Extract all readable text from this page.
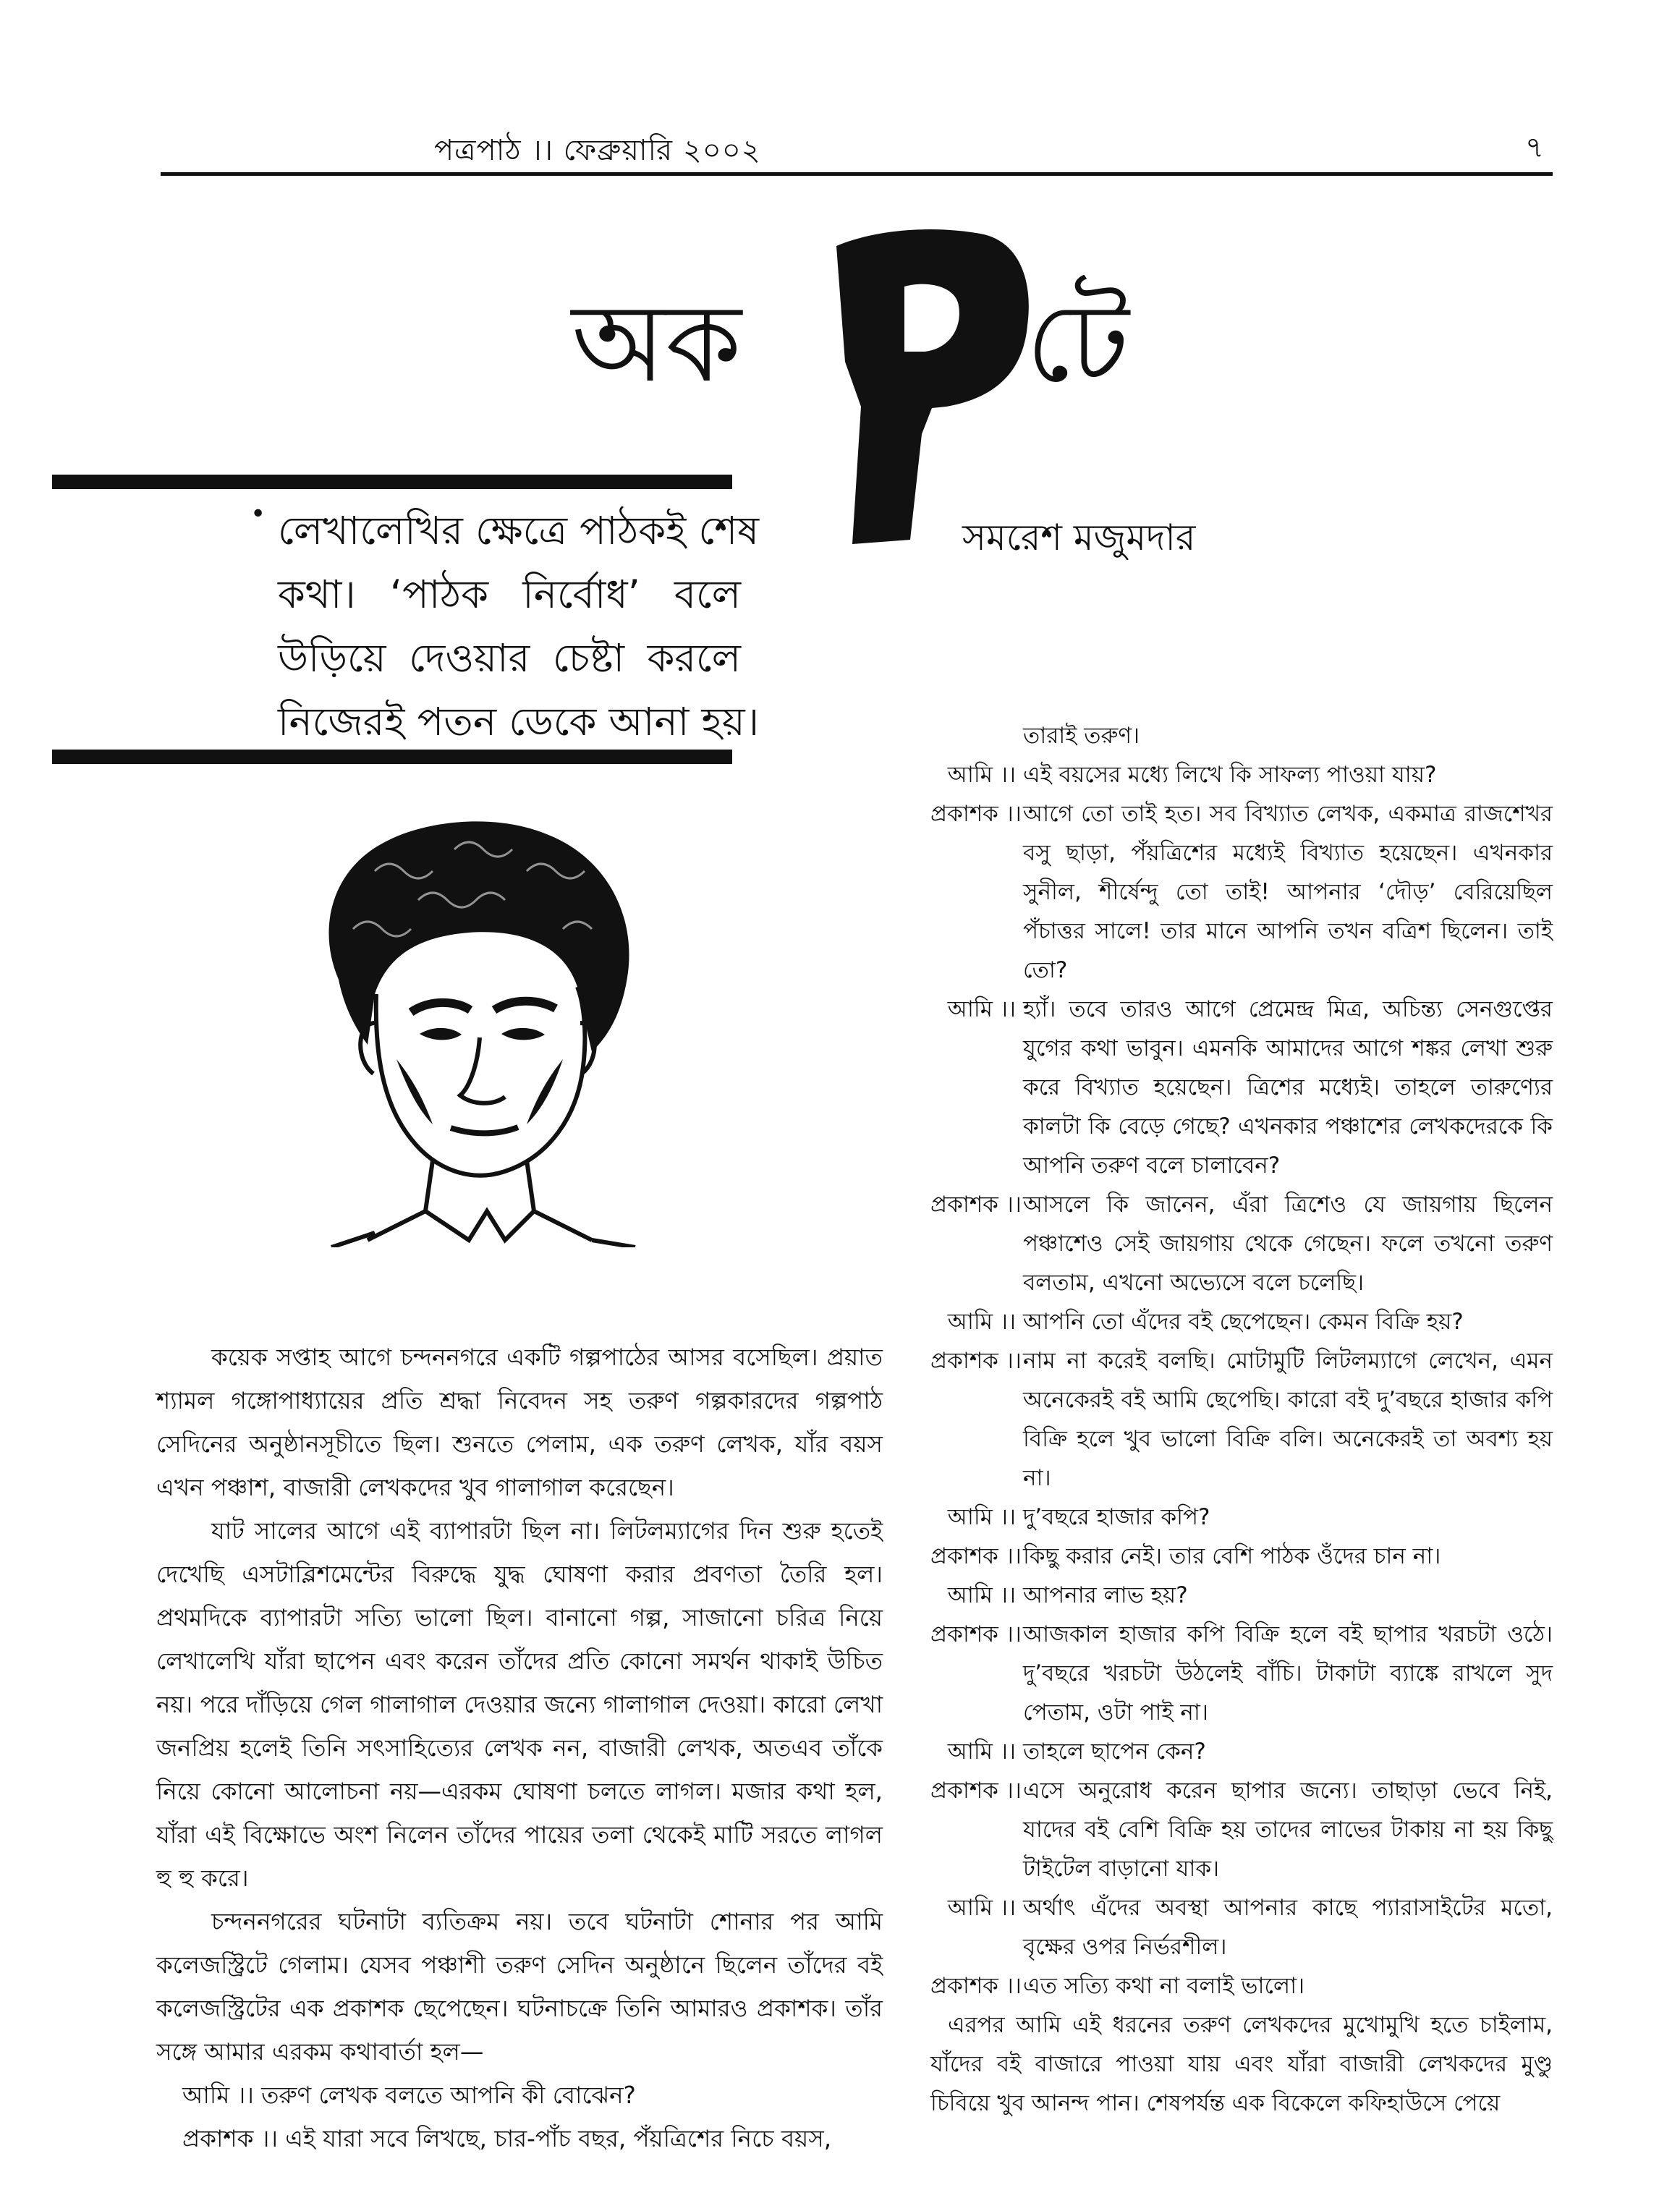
পত্রপাঠ ।। ফেব্রুয়ারি ২০০২	৭
অক
প
টে
সমরেশ মজুমদার
• লেখালেখির ক্ষেত্রে পাঠকই শেষ
কথা। ‘পাঠক নির্বোধ’ বলে
উড়িয়ে দেওয়ার চেষ্টা করলে
নিজেরই পতন ডেকে আনা হয়।

কয়েক সপ্তাহ আগে চন্দননগরে একটি গল্পপাঠের আসর বসেছিল। প্রয়াত শ্যামল গঙ্গোপাধ্যায়ের প্রতি শ্রদ্ধা নিবেদন সহ তরুণ গল্পকারদের গল্পপাঠ সেদিনের অনুষ্ঠানসূচীতে ছিল। শুনতে পেলাম, এক তরুণ লেখক, যাঁর বয়স এখন পঞ্চাশ, বাজারী লেখকদের খুব গালাগাল করেছেন।

যাট সালের আগে এই ব্যাপারটা ছিল না। লিটলম্যাগের দিন শুরু হতেই দেখেছি এসটাব্লিশমেন্টের বিরুদ্ধে যুদ্ধ ঘোষণা করার প্রবণতা তৈরি হল। প্রথমদিকে ব্যাপারটা সত্যি ভালো ছিল। বানানো গল্প, সাজানো চরিত্র নিয়ে লেখালেখি যাঁরা ছাপেন এবং করেন তাঁদের প্রতি কোনো সমর্থন থাকাই উচিত নয়। পরে দাঁড়িয়ে গেল গালাগাল দেওয়ার জন্যে গালাগাল দেওয়া। কারো লেখা জনপ্রিয় হলেই তিনি সৎসাহিত্যের লেখক নন, বাজারী লেখক, অতএব তাঁকে নিয়ে কোনো আলোচনা নয়—এরকম ঘোষণা চলতে লাগল। মজার কথা হল, যাঁরা এই বিক্ষোভে অংশ নিলেন তাঁদের পায়ের তলা থেকেই মাটি সরতে লাগল হু হু করে।

চন্দননগরের ঘটনাটা ব্যতিক্রম নয়। তবে ঘটনাটা শোনার পর আমি কলেজস্ট্রিটে গেলাম। যেসব পঞ্চাশী তরুণ সেদিন অনুষ্ঠানে ছিলেন তাঁদের বই কলেজস্ট্রিটের এক প্রকাশক ছেপেছেন। ঘটনাচক্রে তিনি আমারও প্রকাশক। তাঁর সঙ্গে আমার এরকম কথাবার্তা হল—

আমি ।। তরুণ লেখক বলতে আপনি কী বোঝেন?

প্রকাশক ।। এই যারা সবে লিখছে, চার-পাঁচ বছর, পঁয়ত্রিশের নিচে বয়স,

তারাই তরুণ।
আমি ।। এই বয়সের মধ্যে লিখে কি সাফল্য পাওয়া যায়?
প্রকাশক ।। আগে তো তাই হত। সব বিখ্যাত লেখক, একমাত্র রাজশেখর বসু ছাড়া, পঁয়ত্রিশের মধ্যেই বিখ্যাত হয়েছেন। এখনকার সুনীল, শীর্ষেন্দু তো তাই! আপনার ‘দৌড়’ বেরিয়েছিল পঁচাত্তর সালে! তার মানে আপনি তখন বত্রিশ ছিলেন। তাই তো?
আমি ।। হ্যাঁ। তবে তারও আগে প্রেমেন্দ্র মিত্র, অচিন্ত্য সেনগুপ্তের যুগের কথা ভাবুন। এমনকি আমাদের আগে শঙ্কর লেখা শুরু করে বিখ্যাত হয়েছেন। ত্রিশের মধ্যেই। তাহলে তারুণ্যের কালটা কি বেড়ে গেছে? এখনকার পঞ্চাশের লেখকদেরকে কি আপনি তরুণ বলে চালাবেন?
প্রকাশক ।। আসলে কি জানেন, এঁরা ত্রিশেও যে জায়গায় ছিলেন পঞ্চাশেও সেই জায়গায় থেকে গেছেন। ফলে তখনো তরুণ বলতাম, এখনো অভ্যেসে বলে চলেছি।
আমি ।। আপনি তো এঁদের বই ছেপেছেন। কেমন বিক্রি হয়?
প্রকাশক ।। নাম না করেই বলছি। মোটামুটি লিটলম্যাগে লেখেন, এমন অনেকেরই বই আমি ছেপেছি। কারো বই দু’বছরে হাজার কপি বিক্রি হলে খুব ভালো বিক্রি বলি। অনেকেরই তা অবশ্য হয় না।
আমি ।। দু’বছরে হাজার কপি?
প্রকাশক ।। কিছু করার নেই। তার বেশি পাঠক ওঁদের চান না।
আমি ।। আপনার লাভ হয়?
প্রকাশক ।। আজকাল হাজার কপি বিক্রি হলে বই ছাপার খরচটা ওঠে। দু’বছরে খরচটা উঠলেই বাঁচি। টাকাটা ব্যাঙ্কে রাখলে সুদ পেতাম, ওটা পাই না।
আমি ।। তাহলে ছাপেন কেন?
প্রকাশক ।। এসে অনুরোধ করেন ছাপার জন্যে। তাছাড়া ভেবে নিই, যাদের বই বেশি বিক্রি হয় তাদের লাভের টাকায় না হয় কিছু টাইটেল বাড়ানো যাক।
আমি ।। অর্থাৎ এঁদের অবস্থা আপনার কাছে প্যারাসাইটের মতো, বৃক্ষের ওপর নির্ভরশীল।
প্রকাশক ।। এত সত্যি কথা না বলাই ভালো।

এরপর আমি এই ধরনের তরুণ লেখকদের মুখোমুখি হতে চাইলাম, যাঁদের বই বাজারে পাওয়া যায় এবং যাঁরা বাজারী লেখকদের মুণ্ডু চিবিয়ে খুব আনন্দ পান। শেষপর্যন্ত এক বিকেলে কফিহাউসে পেয়ে
